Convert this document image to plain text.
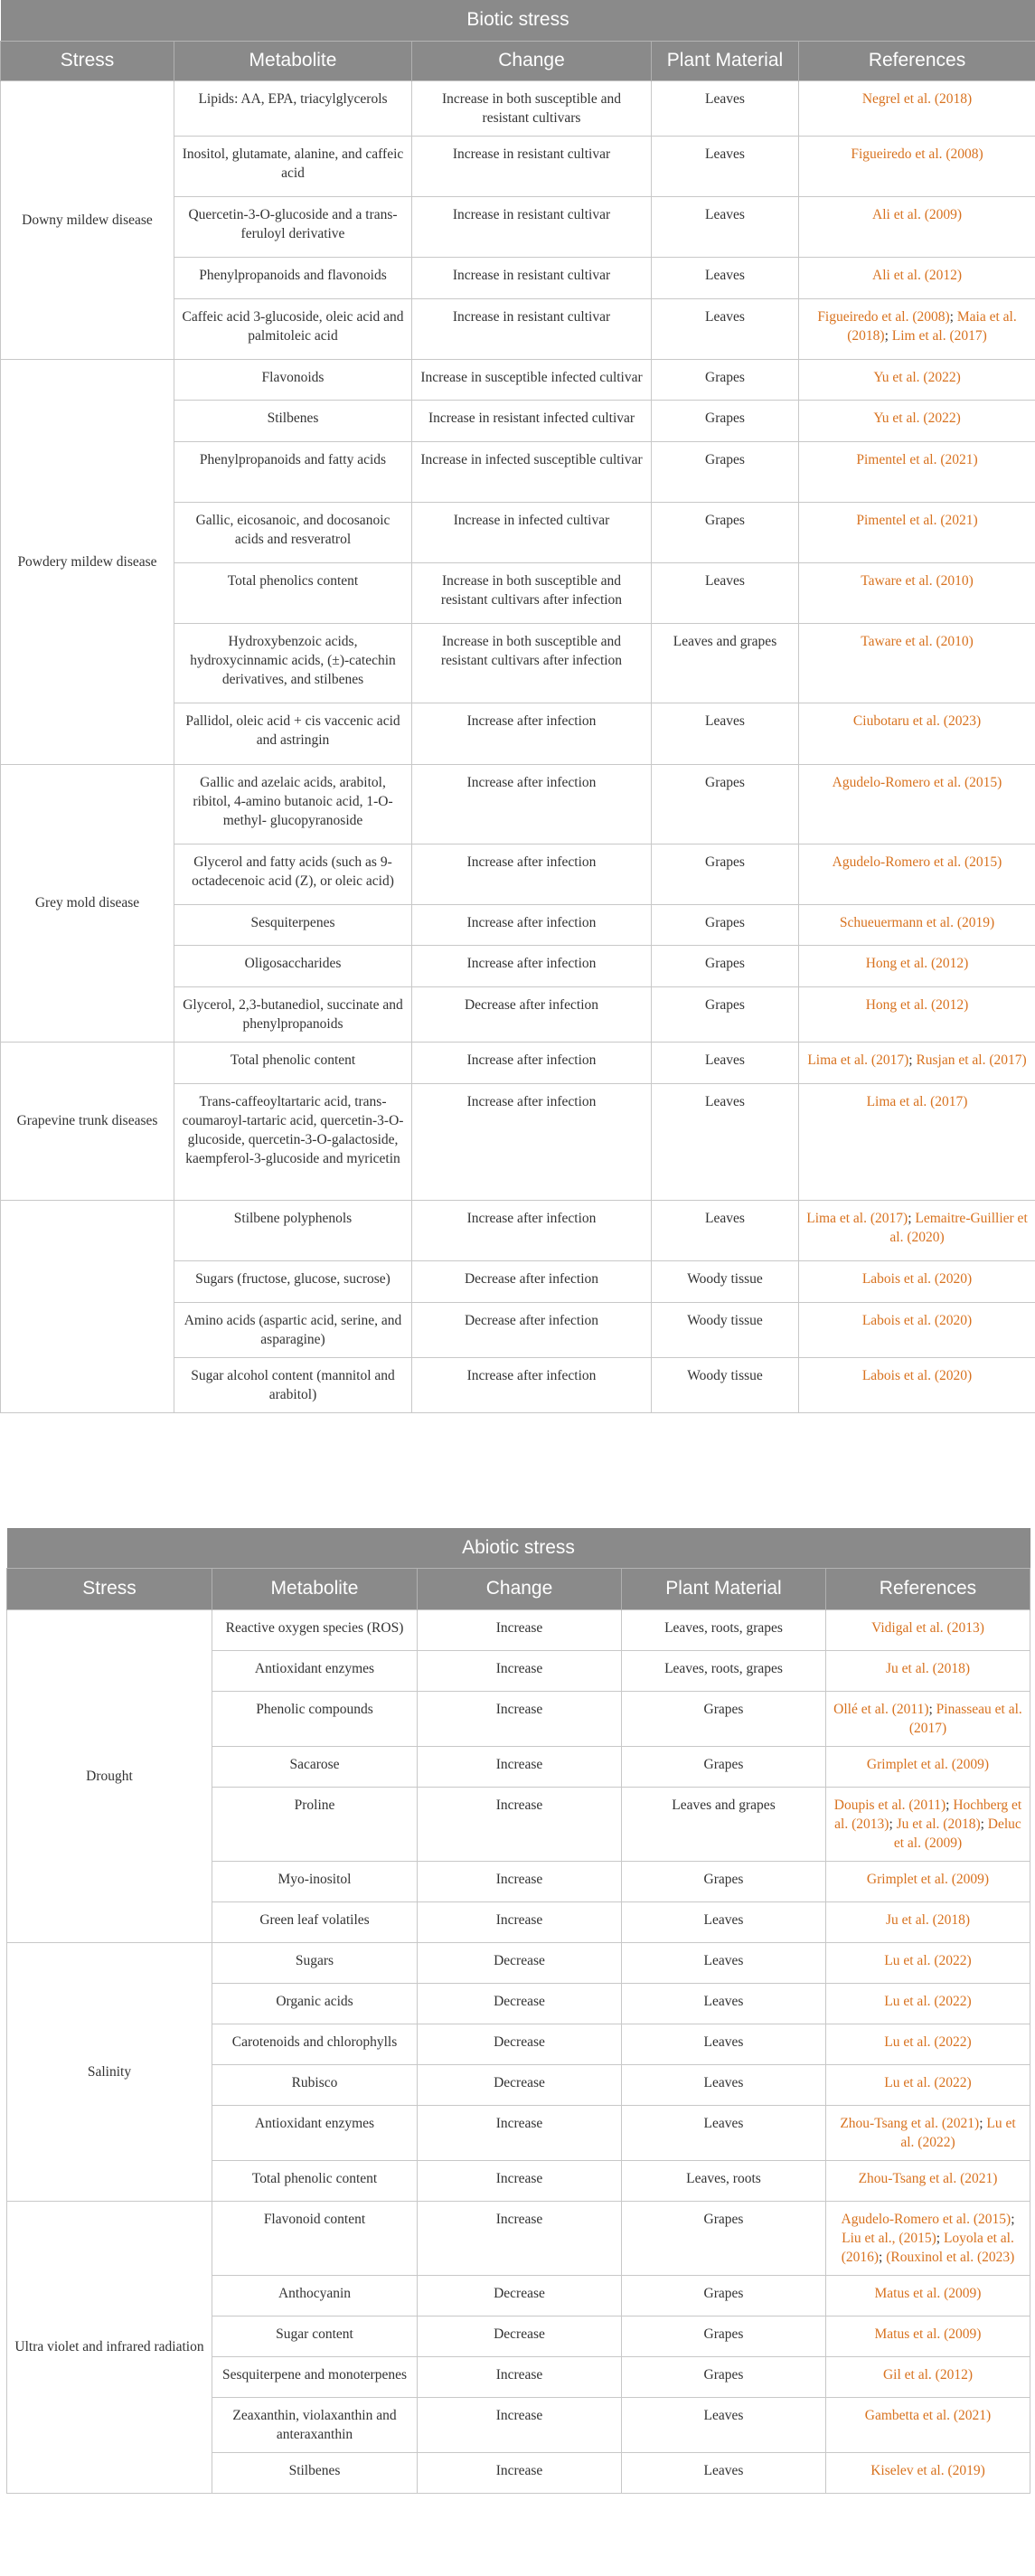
Biotic stress				
Stress	Metabolite	Change	Plant Material	References
Downy mildew disease	Lipids: AA, EPA, triacylglycerols	Increase in both susceptible and resistant cultivars	Leaves	Negrel et al. (2018)
	Inositol, glutamate, alanine, and caffeic acid	Increase in resistant cultivar	Leaves	Figueiredo et al. (2008)
	Quercetin-3-O-glucoside and a trans-feruloyl derivative	Increase in resistant cultivar	Leaves	Ali et al. (2009)
	Phenylpropanoids and flavonoids	Increase in resistant cultivar	Leaves	Ali et al. (2012)
	Caffeic acid 3-glucoside, oleic acid and palmitoleic acid	Increase in resistant cultivar	Leaves	Figueiredo et al. (2008); Maia et al. (2018); Lim et al. (2017)
Powdery mildew disease	Flavonoids	Increase in susceptible infected cultivar	Grapes	Yu et al. (2022)
	Stilbenes	Increase in resistant infected cultivar	Grapes	Yu et al. (2022)
	Phenylpropanoids and fatty acids	Increase in infected susceptible cultivar	Grapes	Pimentel et al. (2021)
	Gallic, eicosanoic, and docosanoic acids and resveratrol	Increase in infected cultivar	Grapes	Pimentel et al. (2021)
	Total phenolics content	Increase in both susceptible and resistant cultivars after infection	Leaves	Taware et al. (2010)
	Hydroxybenzoic acids, hydroxycinnamic acids, (±)-catechin derivatives, and stilbenes	Increase in both susceptible and resistant cultivars after infection	Leaves and grapes	Taware et al. (2010)
	Pallidol, oleic acid + cis vaccenic acid and astringin	Increase after infection	Leaves	Ciubotaru et al. (2023)
Grey mold disease	Gallic and azelaic acids, arabitol, ribitol, 4-amino butanoic acid, 1-O-methyl- glucopyranoside	Increase after infection	Grapes	Agudelo-Romero et al. (2015)
	Glycerol and fatty acids (such as 9-octadecenoic acid (Z), or oleic acid)	Increase after infection	Grapes	Agudelo-Romero et al. (2015)
	Sesquiterpenes	Increase after infection	Grapes	Schueuermann et al. (2019)
	Oligosaccharides	Increase after infection	Grapes	Hong et al. (2012)
	Glycerol, 2,3-butanediol, succinate and phenylpropanoids	Decrease after infection	Grapes	Hong et al. (2012)
Grapevine trunk diseases	Total phenolic content	Increase after infection	Leaves	Lima et al. (2017); Rusjan et al. (2017)
	Trans-caffeoyltartaric acid, trans-coumaroyl-tartaric acid, quercetin-3-O-glucoside, quercetin-3-O-galactoside, kaempferol-3-glucoside and myricetin	Increase after infection	Leaves	Lima et al. (2017)
	Stilbene polyphenols	Increase after infection	Leaves	Lima et al. (2017); Lemaitre-Guillier et al. (2020)
	Sugars (fructose, glucose, sucrose)	Decrease after infection	Woody tissue	Labois et al. (2020)
	Amino acids (aspartic acid, serine, and asparagine)	Decrease after infection	Woody tissue	Labois et al. (2020)
	Sugar alcohol content (mannitol and arabitol)	Increase after infection	Woody tissue	Labois et al. (2020)
Abiotic stress				
Stress	Metabolite	Change	Plant Material	References
Drought	Reactive oxygen species (ROS)	Increase	Leaves, roots, grapes	Vidigal et al. (2013)
	Antioxidant enzymes	Increase	Leaves, roots, grapes	Ju et al. (2018)
	Phenolic compounds	Increase	Grapes	Ollé et al. (2011); Pinasseau et al. (2017)
	Sacarose	Increase	Grapes	Grimplet et al. (2009)
	Proline	Increase	Leaves and grapes	Doupis et al. (2011); Hochberg et al. (2013); Ju et al. (2018); Deluc et al. (2009)
	Myo-inositol	Increase	Grapes	Grimplet et al. (2009)
	Green leaf volatiles	Increase	Leaves	Ju et al. (2018)
Salinity	Sugars	Decrease	Leaves	Lu et al. (2022)
	Organic acids	Decrease	Leaves	Lu et al. (2022)
	Carotenoids and chlorophylls	Decrease	Leaves	Lu et al. (2022)
	Rubisco	Decrease	Leaves	Lu et al. (2022)
	Antioxidant enzymes	Increase	Leaves	Zhou-Tsang et al. (2021); Lu et al. (2022)
	Total phenolic content	Increase	Leaves, roots	Zhou-Tsang et al. (2021)
Ultra violet and infrared radiation	Flavonoid content	Increase	Grapes	Agudelo-Romero et al. (2015); Liu et al., (2015); Loyola et al. (2016); (Rouxinol et al. (2023)
	Anthocyanin	Decrease	Grapes	Matus et al. (2009)
	Sugar content	Decrease	Grapes	Matus et al. (2009)
	Sesquiterpene and monoterpenes	Increase	Grapes	Gil et al. (2012)
	Zeaxanthin, violaxanthin and anteraxanthin	Increase	Leaves	Gambetta et al. (2021)
	Stilbenes	Increase	Leaves	Kiselev et al. (2019)
